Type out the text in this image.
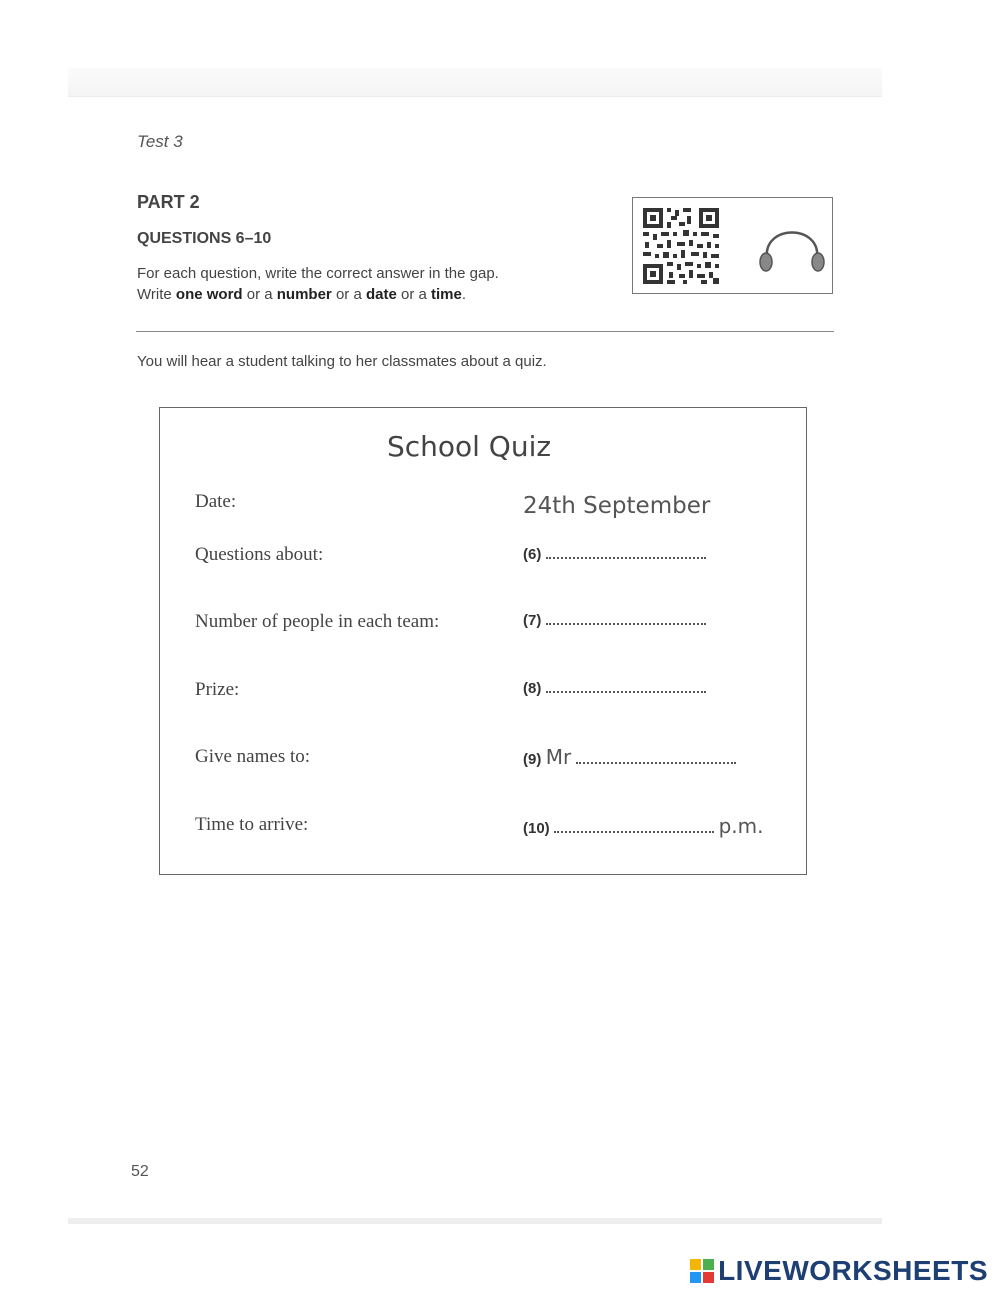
Test 3
PART 2
QUESTIONS 6–10
For each question, write the correct answer in the gap.
Write one word or a number or a date or a time.
You will hear a student talking to her classmates about a quiz.
School Quiz
Date:	24th September
Questions about:	(6)
Number of people in each team:	(7)
Prize:	(8)
Give names to:	(9) Mr
Time to arrive:	(10)	p.m.
52
LIVEWORKSHEETS
